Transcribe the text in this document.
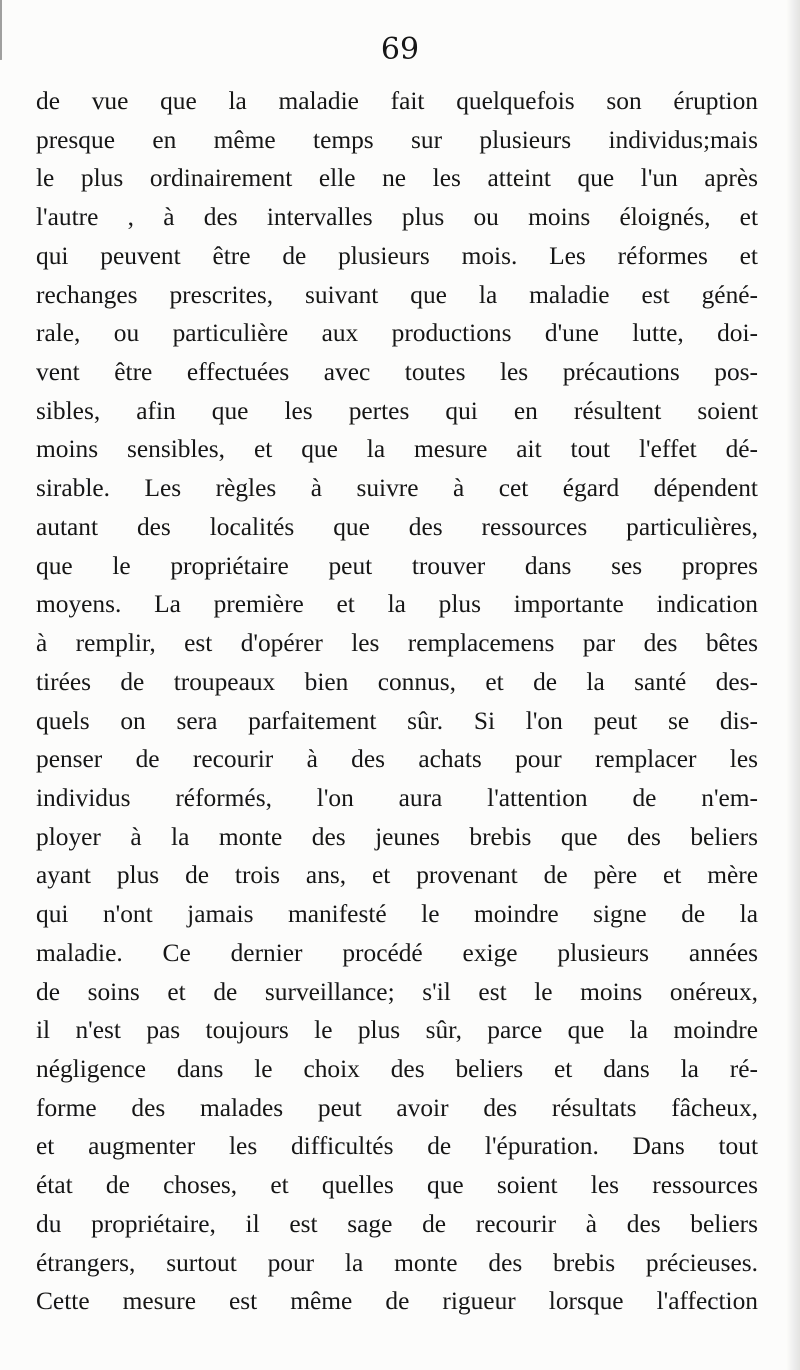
69
de vue que la maladie fait quelquefois son éruption
presque en même temps sur plusieurs individus;mais
le plus ordinairement elle ne les atteint que l'un après
l'autre , à des intervalles plus ou moins éloignés, et
qui peuvent être de plusieurs mois. Les réformes et
rechanges prescrites, suivant que la maladie est géné-
rale, ou particulière aux productions d'une lutte, doi-
vent être effectuées avec toutes les précautions pos-
sibles, afin que les pertes qui en résultent soient
moins sensibles, et que la mesure ait tout l'effet dé-
sirable. Les règles à suivre à cet égard dépendent
autant des localités que des ressources particulières,
que le propriétaire peut trouver dans ses propres
moyens. La première et la plus importante indication
à remplir, est d'opérer les remplacemens par des bêtes
tirées de troupeaux bien connus, et de la santé des-
quels on sera parfaitement sûr. Si l'on peut se dis-
penser de recourir à des achats pour remplacer les
individus réformés, l'on aura l'attention de n'em-
ployer à la monte des jeunes brebis que des beliers
ayant plus de trois ans, et provenant de père et mère
qui n'ont jamais manifesté le moindre signe de la
maladie. Ce dernier procédé exige plusieurs années
de soins et de surveillance; s'il est le moins onéreux,
il n'est pas toujours le plus sûr, parce que la moindre
négligence dans le choix des beliers et dans la ré-
forme des malades peut avoir des résultats fâcheux,
et augmenter les difficultés de l'épuration. Dans tout
état de choses, et quelles que soient les ressources
du propriétaire, il est sage de recourir à des beliers
étrangers, surtout pour la monte des brebis précieuses.
Cette mesure est même de rigueur lorsque l'affection
